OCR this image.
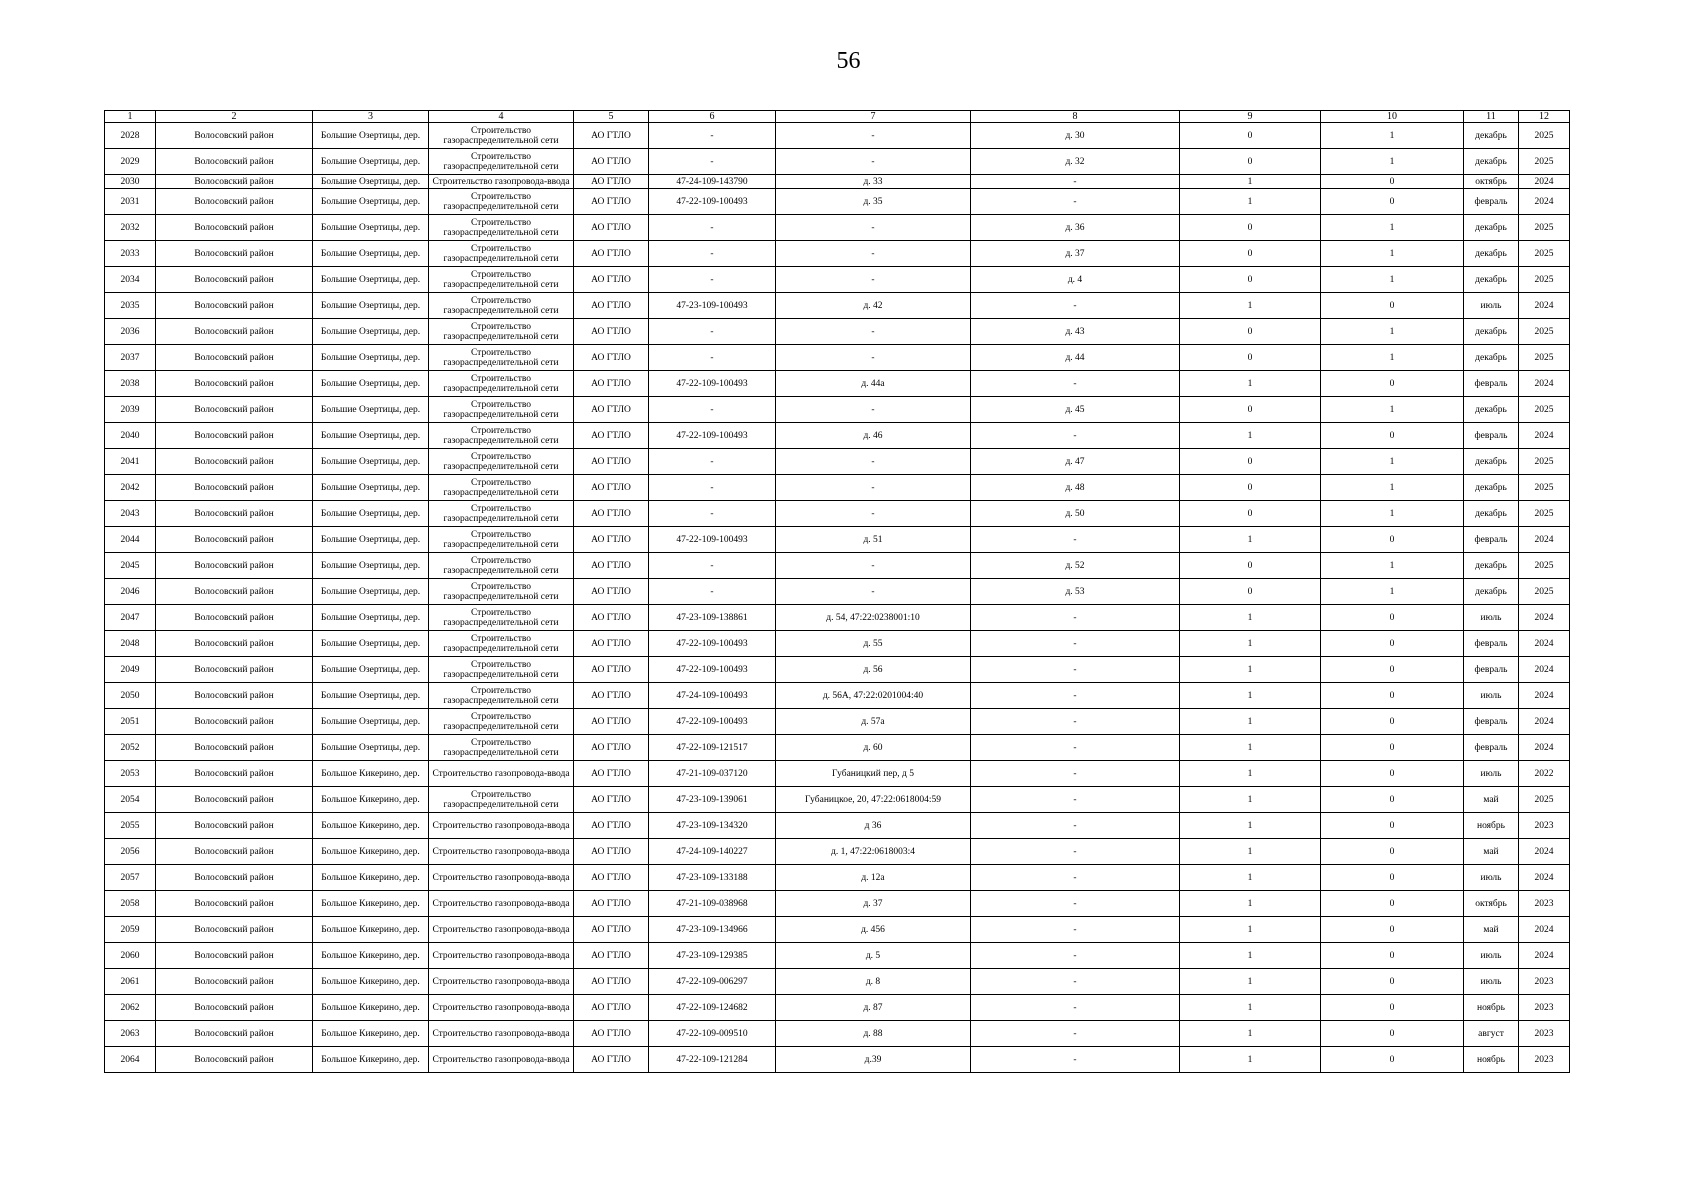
56
1	2	3	4	5	6	7	8	9	10	11	12
2028	Волосовский район	Большие Озертицы, дер.	Строительство газораспределительной сети	АО ГТЛО	-	-	д. 30	0	1	декабрь	2025
2029	Волосовский район	Большие Озертицы, дер.	Строительство газораспределительной сети	АО ГТЛО	-	-	д. 32	0	1	декабрь	2025
2030	Волосовский район	Большие Озертицы, дер.	Строительство газопровода-ввода	АО ГТЛО	47-24-109-143790	д. 33	-	1	0	октябрь	2024
2031	Волосовский район	Большие Озертицы, дер.	Строительство газораспределительной сети	АО ГТЛО	47-22-109-100493	д. 35	-	1	0	февраль	2024
2032	Волосовский район	Большие Озертицы, дер.	Строительство газораспределительной сети	АО ГТЛО	-	-	д. 36	0	1	декабрь	2025
2033	Волосовский район	Большие Озертицы, дер.	Строительство газораспределительной сети	АО ГТЛО	-	-	д. 37	0	1	декабрь	2025
2034	Волосовский район	Большие Озертицы, дер.	Строительство газораспределительной сети	АО ГТЛО	-	-	д. 4	0	1	декабрь	2025
2035	Волосовский район	Большие Озертицы, дер.	Строительство газораспределительной сети	АО ГТЛО	47-23-109-100493	д. 42	-	1	0	июль	2024
2036	Волосовский район	Большие Озертицы, дер.	Строительство газораспределительной сети	АО ГТЛО	-	-	д. 43	0	1	декабрь	2025
2037	Волосовский район	Большие Озертицы, дер.	Строительство газораспределительной сети	АО ГТЛО	-	-	д. 44	0	1	декабрь	2025
2038	Волосовский район	Большие Озертицы, дер.	Строительство газораспределительной сети	АО ГТЛО	47-22-109-100493	д. 44а	-	1	0	февраль	2024
2039	Волосовский район	Большие Озертицы, дер.	Строительство газораспределительной сети	АО ГТЛО	-	-	д. 45	0	1	декабрь	2025
2040	Волосовский район	Большие Озертицы, дер.	Строительство газораспределительной сети	АО ГТЛО	47-22-109-100493	д. 46	-	1	0	февраль	2024
2041	Волосовский район	Большие Озертицы, дер.	Строительство газораспределительной сети	АО ГТЛО	-	-	д. 47	0	1	декабрь	2025
2042	Волосовский район	Большие Озертицы, дер.	Строительство газораспределительной сети	АО ГТЛО	-	-	д. 48	0	1	декабрь	2025
2043	Волосовский район	Большие Озертицы, дер.	Строительство газораспределительной сети	АО ГТЛО	-	-	д. 50	0	1	декабрь	2025
2044	Волосовский район	Большие Озертицы, дер.	Строительство газораспределительной сети	АО ГТЛО	47-22-109-100493	д. 51	-	1	0	февраль	2024
2045	Волосовский район	Большие Озертицы, дер.	Строительство газораспределительной сети	АО ГТЛО	-	-	д. 52	0	1	декабрь	2025
2046	Волосовский район	Большие Озертицы, дер.	Строительство газораспределительной сети	АО ГТЛО	-	-	д. 53	0	1	декабрь	2025
2047	Волосовский район	Большие Озертицы, дер.	Строительство газораспределительной сети	АО ГТЛО	47-23-109-138861	д. 54, 47:22:0238001:10	-	1	0	июль	2024
2048	Волосовский район	Большие Озертицы, дер.	Строительство газораспределительной сети	АО ГТЛО	47-22-109-100493	д. 55	-	1	0	февраль	2024
2049	Волосовский район	Большие Озертицы, дер.	Строительство газораспределительной сети	АО ГТЛО	47-22-109-100493	д. 56	-	1	0	февраль	2024
2050	Волосовский район	Большие Озертицы, дер.	Строительство газораспределительной сети	АО ГТЛО	47-24-109-100493	д. 56А, 47:22:0201004:40	-	1	0	июль	2024
2051	Волосовский район	Большие Озертицы, дер.	Строительство газораспределительной сети	АО ГТЛО	47-22-109-100493	д. 57а	-	1	0	февраль	2024
2052	Волосовский район	Большие Озертицы, дер.	Строительство газораспределительной сети	АО ГТЛО	47-22-109-121517	д. 60	-	1	0	февраль	2024
2053	Волосовский район	Большое Кикерино, дер.	Строительство газопровода-ввода	АО ГТЛО	47-21-109-037120	Губаницкий пер, д 5	-	1	0	июль	2022
2054	Волосовский район	Большое Кикерино, дер.	Строительство газораспределительной сети	АО ГТЛО	47-23-109-139061	Губаницкое, 20, 47:22:0618004:59	-	1	0	май	2025
2055	Волосовский район	Большое Кикерино, дер.	Строительство газопровода-ввода	АО ГТЛО	47-23-109-134320	д 36	-	1	0	ноябрь	2023
2056	Волосовский район	Большое Кикерино, дер.	Строительство газопровода-ввода	АО ГТЛО	47-24-109-140227	д. 1, 47:22:0618003:4	-	1	0	май	2024
2057	Волосовский район	Большое Кикерино, дер.	Строительство газопровода-ввода	АО ГТЛО	47-23-109-133188	д. 12а	-	1	0	июль	2024
2058	Волосовский район	Большое Кикерино, дер.	Строительство газопровода-ввода	АО ГТЛО	47-21-109-038968	д. 37	-	1	0	октябрь	2023
2059	Волосовский район	Большое Кикерино, дер.	Строительство газопровода-ввода	АО ГТЛО	47-23-109-134966	д. 456	-	1	0	май	2024
2060	Волосовский район	Большое Кикерино, дер.	Строительство газопровода-ввода	АО ГТЛО	47-23-109-129385	д. 5	-	1	0	июль	2024
2061	Волосовский район	Большое Кикерино, дер.	Строительство газопровода-ввода	АО ГТЛО	47-22-109-006297	д. 8	-	1	0	июль	2023
2062	Волосовский район	Большое Кикерино, дер.	Строительство газопровода-ввода	АО ГТЛО	47-22-109-124682	д. 87	-	1	0	ноябрь	2023
2063	Волосовский район	Большое Кикерино, дер.	Строительство газопровода-ввода	АО ГТЛО	47-22-109-009510	д. 88	-	1	0	август	2023
2064	Волосовский район	Большое Кикерино, дер.	Строительство газопровода-ввода	АО ГТЛО	47-22-109-121284	д.39	-	1	0	ноябрь	2023
